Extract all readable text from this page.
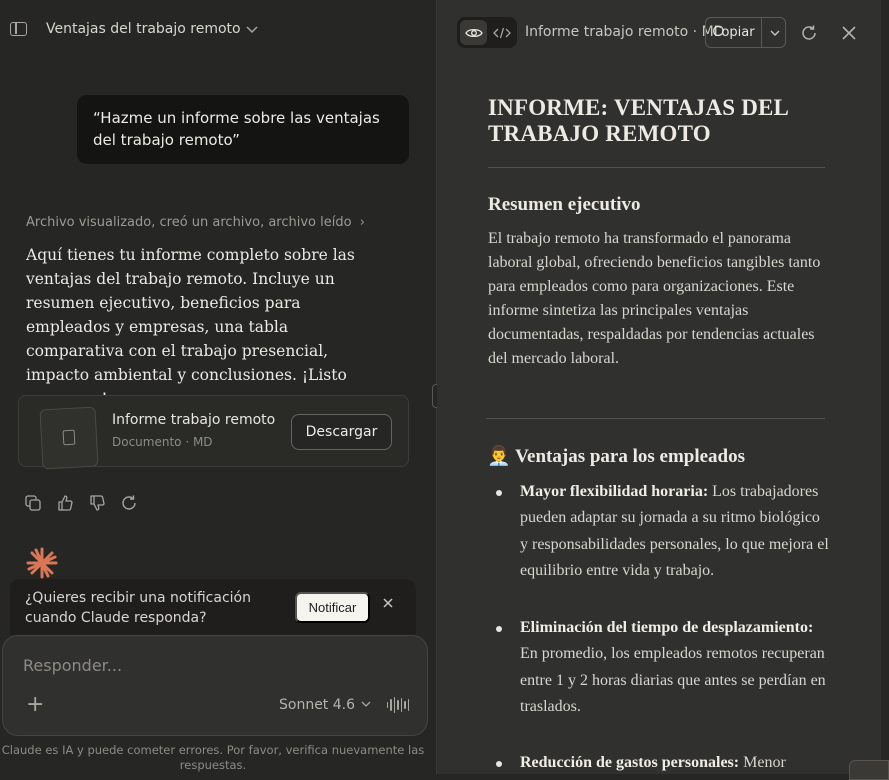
Ventajas del trabajo remoto
“Hazme un informe sobre las ventajas del trabajo remoto”
Archivo visualizado, creó un archivo, archivo leído ›
Aquí tienes tu informe completo sobre las ventajas del trabajo remoto. Incluye un resumen ejecutivo, beneficios para empleados y empresas, una tabla comparativa con el trabajo presencial, impacto ambiental y conclusiones. ¡Listo
Informe trabajo remoto
Documento · MD
Descargar
¿Quieres recibir una notificación cuando Claude responda?
Notificar
Responder...
+	Sonnet 4.6
Claude es IA y puede cometer errores. Por favor, verifica nuevamente las respuestas.
Informe trabajo remoto · MD
Copiar
INFORME: VENTAJAS DEL TRABAJO REMOTO
Resumen ejecutivo
El trabajo remoto ha transformado el panorama laboral global, ofreciendo beneficios tangibles tanto para empleados como para organizaciones. Este informe sintetiza las principales ventajas documentadas, respaldadas por tendencias actuales del mercado laboral.
👨‍💼 Ventajas para los empleados
Mayor flexibilidad horaria: Los trabajadores pueden adaptar su jornada a su ritmo biológico y responsabilidades personales, lo que mejora el equilibrio entre vida y trabajo.
Eliminación del tiempo de desplazamiento: En promedio, los empleados remotos recuperan entre 1 y 2 horas diarias que antes se perdían en traslados.
Reducción de gastos personales: Menor
